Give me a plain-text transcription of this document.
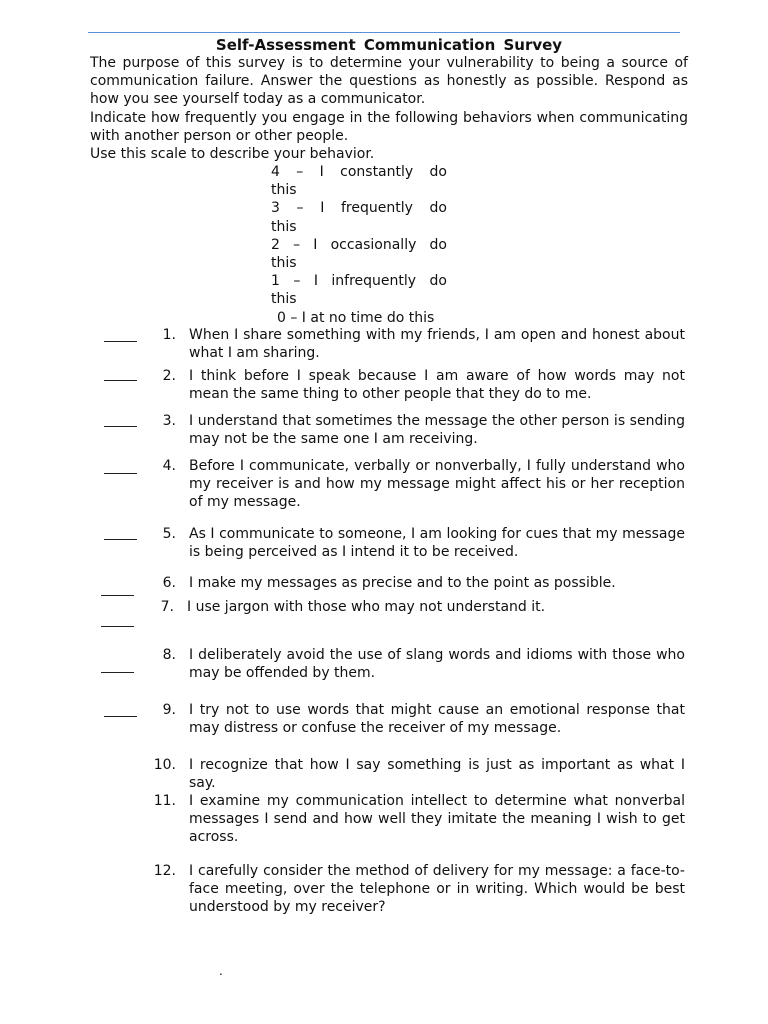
Self-Assessment Communication Survey

The purpose of this survey is to determine your vulnerability to being a source of communication failure. Answer the questions as honestly as possible. Respond as how you see yourself today as a communicator.

Indicate how frequently you engage in the following behaviors when communicating with another person or other people.

Use this scale to describe your behavior.

4 – I constantly do
this
3 – I frequently do
this
2 – I occasionally do
this
1 – I infrequently do
this
0 – I at no time do this
1. When I share something with my friends, I am open and honest about what I am sharing.
2. I think before I speak because I am aware of how words may not mean the same thing to other people that they do to me.
3. I understand that sometimes the message the other person is sending may not be the same one I am receiving.
4. Before I communicate, verbally or nonverbally, I fully understand who my receiver is and how my message might affect his or her reception of my message.
5. As I communicate to someone, I am looking for cues that my message is being perceived as I intend it to be received.
6. I make my messages as precise and to the point as possible.
7. I use jargon with those who may not understand it.
8. I deliberately avoid the use of slang words and idioms with those who may be offended by them.
9. I try not to use words that might cause an emotional response that may distress or confuse the receiver of my message.
10. I recognize that how I say something is just as important as what I say.
11. I examine my communication intellect to determine what nonverbal messages I send and how well they imitate the meaning I wish to get across.
12. I carefully consider the method of delivery for my message: a face-to-face meeting, over the telephone or in writing. Which would be best understood by my receiver?
.
